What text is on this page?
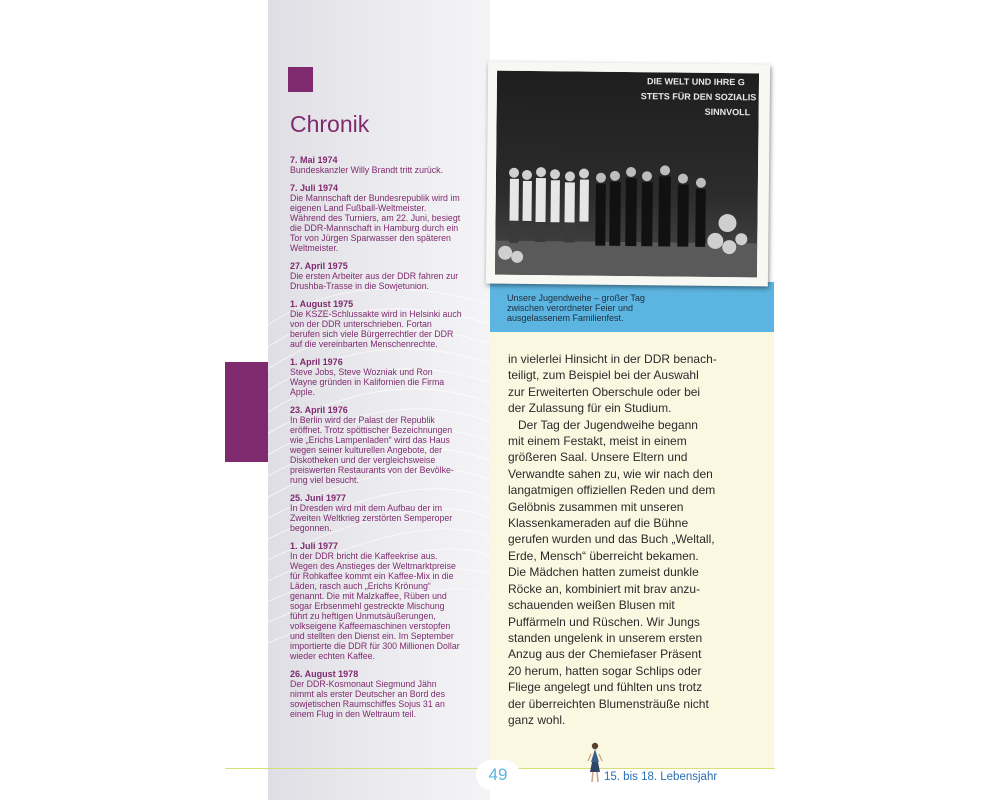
Chronik
7. Mai 1974
Bundeskanzler Willy Brandt tritt zurück.
7. Juli 1974
Die Mannschaft der Bundesrepublik wird im
eigenen Land Fußball-Weltmeister.
Während des Turniers, am 22. Juni, besiegt
die DDR-Mannschaft in Hamburg durch ein
Tor von Jürgen Sparwasser den späteren
Weltmeister.
27. April 1975
Die ersten Arbeiter aus der DDR fahren zur
Drushba-Trasse in die Sowjetunion.
1. August 1975
Die KSZE-Schlussakte wird in Helsinki auch
von der DDR unterschrieben. Fortan
berufen sich viele Bürgerrechtler der DDR
auf die vereinbarten Menschenrechte.
1. April 1976
Steve Jobs, Steve Wozniak und Ron
Wayne gründen in Kalifornien die Firma
Apple.
23. April 1976
In Berlin wird der Palast der Republik
eröffnet. Trotz spöttischer Bezeichnungen
wie „Erichs Lampenladen“ wird das Haus
wegen seiner kulturellen Angebote, der
Diskotheken und der vergleichsweise
preiswerten Restaurants von der Bevölke-
rung viel besucht.
25. Juni 1977
In Dresden wird mit dem Aufbau der im
Zweiten Weltkrieg zerstörten Semperoper
begonnen.
1. Juli 1977
In der DDR bricht die Kaffeekrise aus.
Wegen des Anstieges der Weltmarktpreise
für Rohkaffee kommt ein Kaffee-Mix in die
Läden, rasch auch „Erichs Krönung“
genannt. Die mit Malzkaffee, Rüben und
sogar Erbsenmehl gestreckte Mischung
führt zu heftigen Unmutsäußerungen,
volkseigene Kaffeemaschinen verstopfen
und stellten den Dienst ein. Im September
importierte die DDR für 300 Millionen Dollar
wieder echten Kaffee.
26. August 1978
Der DDR-Kosmonaut Siegmund Jähn
nimmt als erster Deutscher an Bord des
sowjetischen Raumschiffes Sojus 31 an
einem Flug in den Weltraum teil.
DIE WELT UND IHRE G
STETS FÜR DEN SOZIALIS
SINNVOLL
Unsere Jugendweihe – großer Tag
zwischen verordneter Feier und
ausgelassenem Familienfest.
in vielerlei Hinsicht in der DDR benach-
teiligt, zum Beispiel bei der Auswahl
zur Erweiterten Oberschule oder bei
der Zulassung für ein Studium.
Der Tag der Jugendweihe begann
mit einem Festakt, meist in einem
größeren Saal. Unsere Eltern und
Verwandte sahen zu, wie wir nach den
langatmigen offiziellen Reden und dem
Gelöbnis zusammen mit unseren
Klassenkameraden auf die Bühne
gerufen wurden und das Buch „Weltall,
Erde, Mensch“ überreicht bekamen.
Die Mädchen hatten zumeist dunkle
Röcke an, kombiniert mit brav anzu-
schauenden weißen Blusen mit
Puffärmeln und Rüschen. Wir Jungs
standen ungelenk in unserem ersten
Anzug aus der Chemiefaser Präsent
20 herum, hatten sogar Schlips oder
Fliege angelegt und fühlten uns trotz
der überreichten Blumensträuße nicht
ganz wohl.
49	15. bis 18. Lebensjahr
